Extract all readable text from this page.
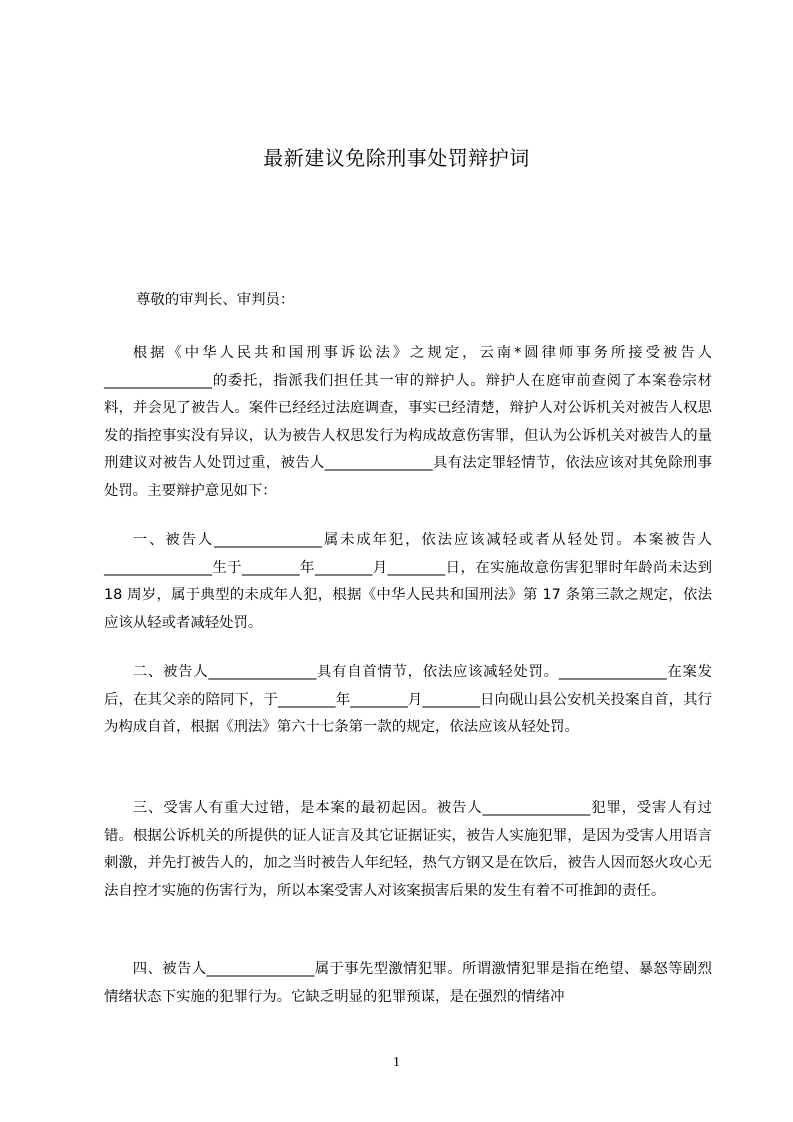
最新建议免除刑事处罚辩护词
尊敬的审判长、审判员：

根据《中华人民共和国刑事诉讼法》之规定，云南*圆律师事务所接受被告人_______________的委托，指派我们担任其一审的辩护人。辩护人在庭审前查阅了本案卷宗材料，并会见了被告人。案件已经经过法庭调查，事实已经清楚，辩护人对公诉机关对被告人权思发的指控事实没有异议，认为被告人权思发行为构成故意伤害罪，但认为公诉机关对被告人的量刑建议对被告人处罚过重，被告人_______________具有法定罪轻情节，依法应该对其免除刑事处罚。主要辩护意见如下：

一、被告人_______________属未成年犯，依法应该减轻或者从轻处罚。本案被告人_______________生于________年________月________日，在实施故意伤害犯罪时年龄尚未达到 18 周岁，属于典型的未成年人犯，根据《中华人民共和国刑法》第 17 条第三款之规定，依法应该从轻或者减轻处罚。

二、被告人_______________具有自首情节，依法应该减轻处罚。_______________在案发后，在其父亲的陪同下，于________年________月________日向砚山县公安机关投案自首，其行为构成自首，根据《刑法》第六十七条第一款的规定，依法应该从轻处罚。

三、受害人有重大过错，是本案的最初起因。被告人_______________犯罪，受害人有过错。根据公诉机关的所提供的证人证言及其它证据证实，被告人实施犯罪，是因为受害人用语言刺激，并先打被告人的，加之当时被告人年纪轻，热气方钢又是在饮后，被告人因而怒火攻心无法自控才实施的伤害行为，所以本案受害人对该案损害后果的发生有着不可推卸的责任。

四、被告人_______________属于事先型激情犯罪。所谓激情犯罪是指在绝望、暴怒等剧烈情绪状态下实施的犯罪行为。它缺乏明显的犯罪预谋，是在强烈的情绪冲

1
